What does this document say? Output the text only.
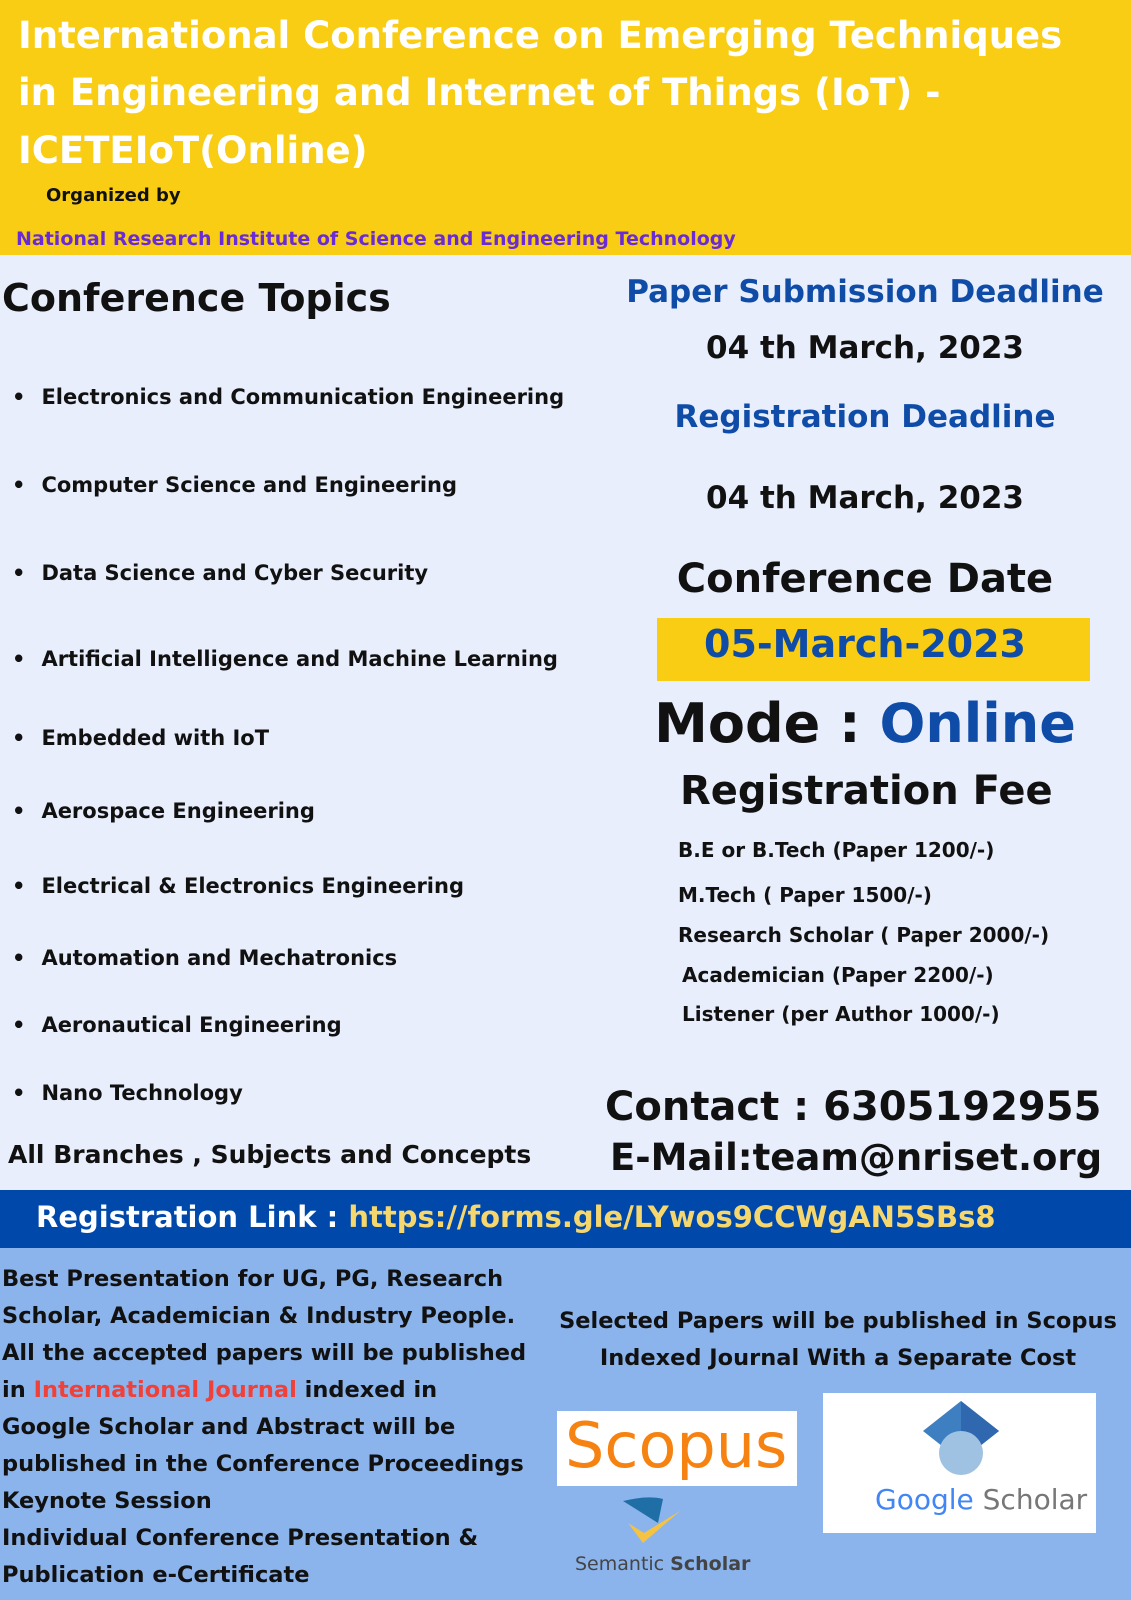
International Conference on Emerging Techniques
in Engineering and Internet of Things (IoT) -
ICETEIoT(Online)
Organized by
National Research Institute of Science and Engineering Technology
Conference Topics
• Electronics and Communication Engineering
• Computer Science and Engineering
• Data Science and Cyber Security
• Artificial Intelligence and Machine Learning
• Embedded with IoT
• Aerospace Engineering
• Electrical & Electronics Engineering
• Automation and Mechatronics
• Aeronautical Engineering
• Nano Technology
All Branches , Subjects and Concepts
Paper Submission Deadline
04 th March, 2023
Registration Deadline
04 th March, 2023
Conference Date
05-March-2023
Mode : Online
Registration Fee
B.E or B.Tech (Paper 1200/-)
M.Tech ( Paper 1500/-)
Research Scholar ( Paper 2000/-)
Academician (Paper 2200/-)
Listener (per Author 1000/-)
Contact : 6305192955
E-Mail:team@nriset.org
Registration Link : https://forms.gle/LYwos9CCWgAN5SBs8
Best Presentation for UG, PG, Research
Scholar, Academician & Industry People.
All the accepted papers will be published
in International Journal indexed in
Google Scholar and Abstract will be
published in the Conference Proceedings
Keynote Session
Individual Conference Presentation &
Publication e-Certificate
Selected Papers will be published in Scopus
Indexed Journal With a Separate Cost
Scopus
Semantic Scholar
Google Scholar
